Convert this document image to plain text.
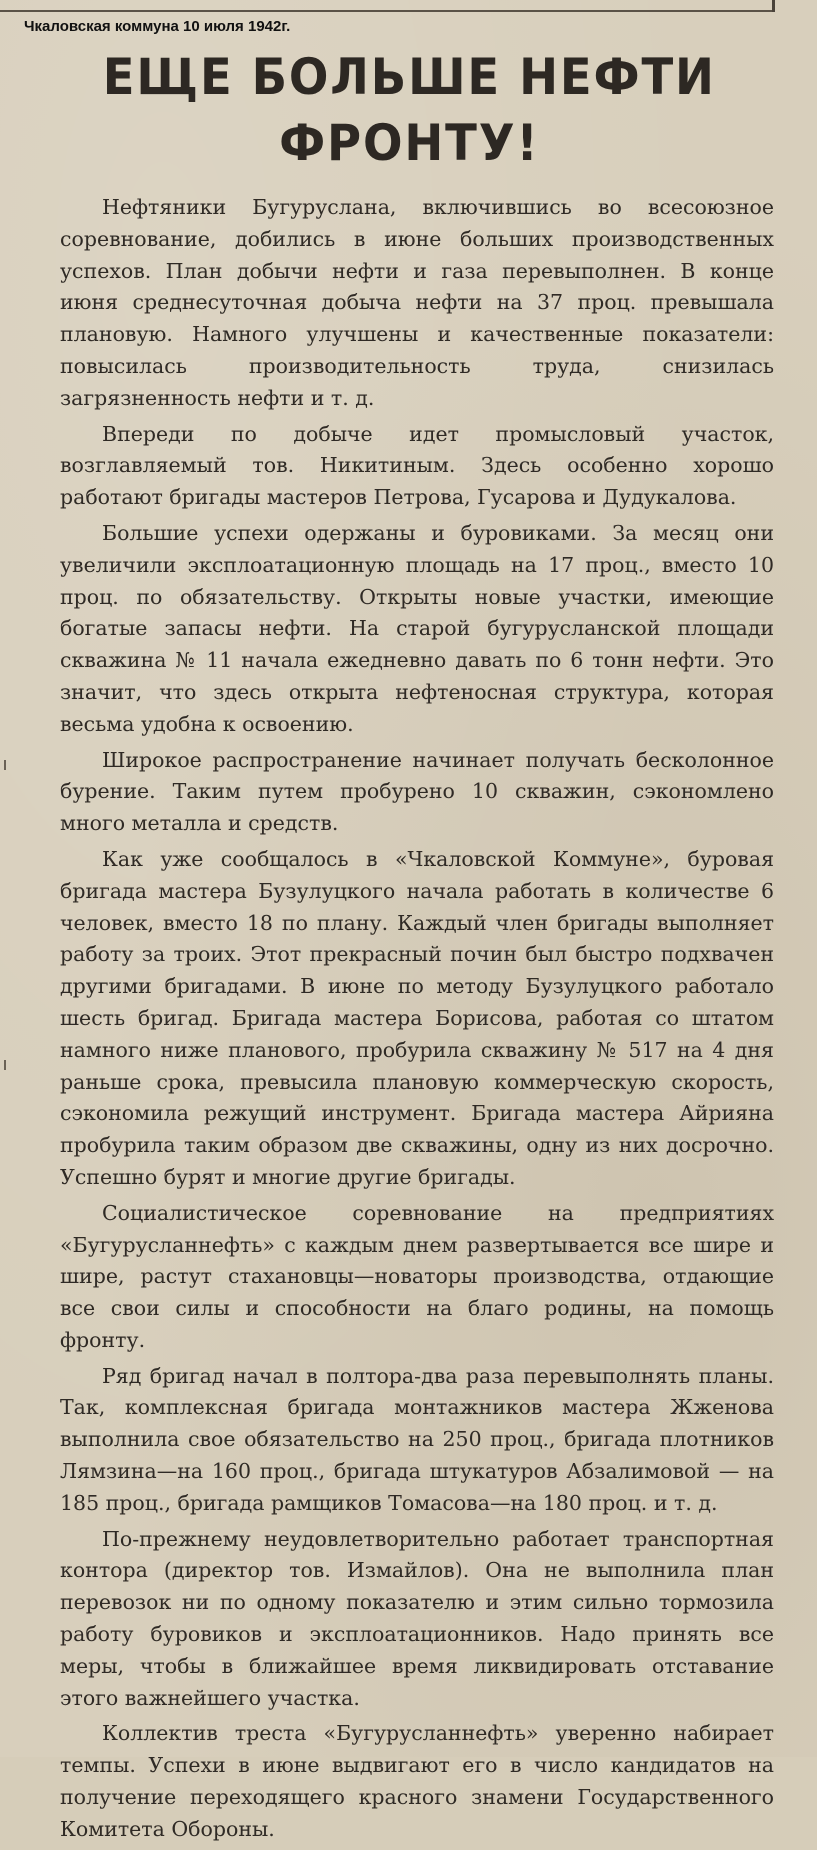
Чкаловская коммуна 10 июля 1942г.
ЕЩЕ БОЛЬШЕ НЕФТИ
ФРОНТУ!

Нефтяники Бугуруслана, включившись во всесоюзное соревнование, добились в июне больших производственных успехов. План добычи нефти и газа перевыполнен. В конце июня среднесуточная добыча нефти на 37 проц. превышала плановую. Намного улучшены и качественные показатели: повысилась производительность труда, снизилась загрязненность нефти и т. д.

Впереди по добыче идет промысловый участок, возглавляемый тов. Никитиным. Здесь особенно хорошо работают бригады мастеров Петрова, Гусарова и Дудукалова.

Большие успехи одержаны и буровиками. За месяц они увеличили эксплоатационную площадь на 17 проц., вместо 10 проц. по обязательству. Открыты новые участки, имеющие богатые запасы нефти. На старой бугурусланской площади скважина № 11 начала ежедневно давать по 6 тонн нефти. Это значит, что здесь открыта нефтеносная структура, которая весьма удобна к освоению.

Широкое распространение начинает получать бесколонное бурение. Таким путем пробурено 10 скважин, сэкономлено много металла и средств.

Как уже сообщалось в «Чкаловской Коммуне», буровая бригада мастера Бузулуцкого начала работать в количестве 6 человек, вместо 18 по плану. Каждый член бригады выполняет работу за троих. Этот прекрасный почин был быстро подхвачен другими бригадами. В июне по методу Бузулуцкого работало шесть бригад. Бригада мастера Борисова, работая со штатом намного ниже планового, пробурила скважину № 517 на 4 дня раньше срока, превысила плановую коммерческую скорость, сэкономила режущий инструмент. Бригада мастера Айрияна пробурила таким образом две скважины, одну из них досрочно. Успешно бурят и многие другие бригады.

Социалистическое соревнование на предприятиях «Бугурусланнефть» с каждым днем развертывается все шире и шире, растут стахановцы—новаторы производства, отдающие все свои силы и способности на благо родины, на помощь фронту.

Ряд бригад начал в полтора-два раза перевыполнять планы. Так, комплексная бригада монтажников мастера Жженова выполнила свое обязательство на 250 проц., бригада плотников Лямзина—на 160 проц., бригада штукатуров Абзалимовой — на 185 проц., бригада рамщиков Томасова—на 180 проц. и т. д.

По-прежнему неудовлетворительно работает транспортная контора (директор тов. Измайлов). Она не выполнила план перевозок ни по одному показателю и этим сильно тормозила работу буровиков и эксплоатационников. Надо принять все меры, чтобы в ближайшее время ликвидировать отставание этого важнейшего участка.

Коллектив треста «Бугурусланнефть» уверенно набирает темпы. Успехи в июне выдвигают его в число кандидатов на получение переходящего красного знамени Государственного Комитета Обороны.
